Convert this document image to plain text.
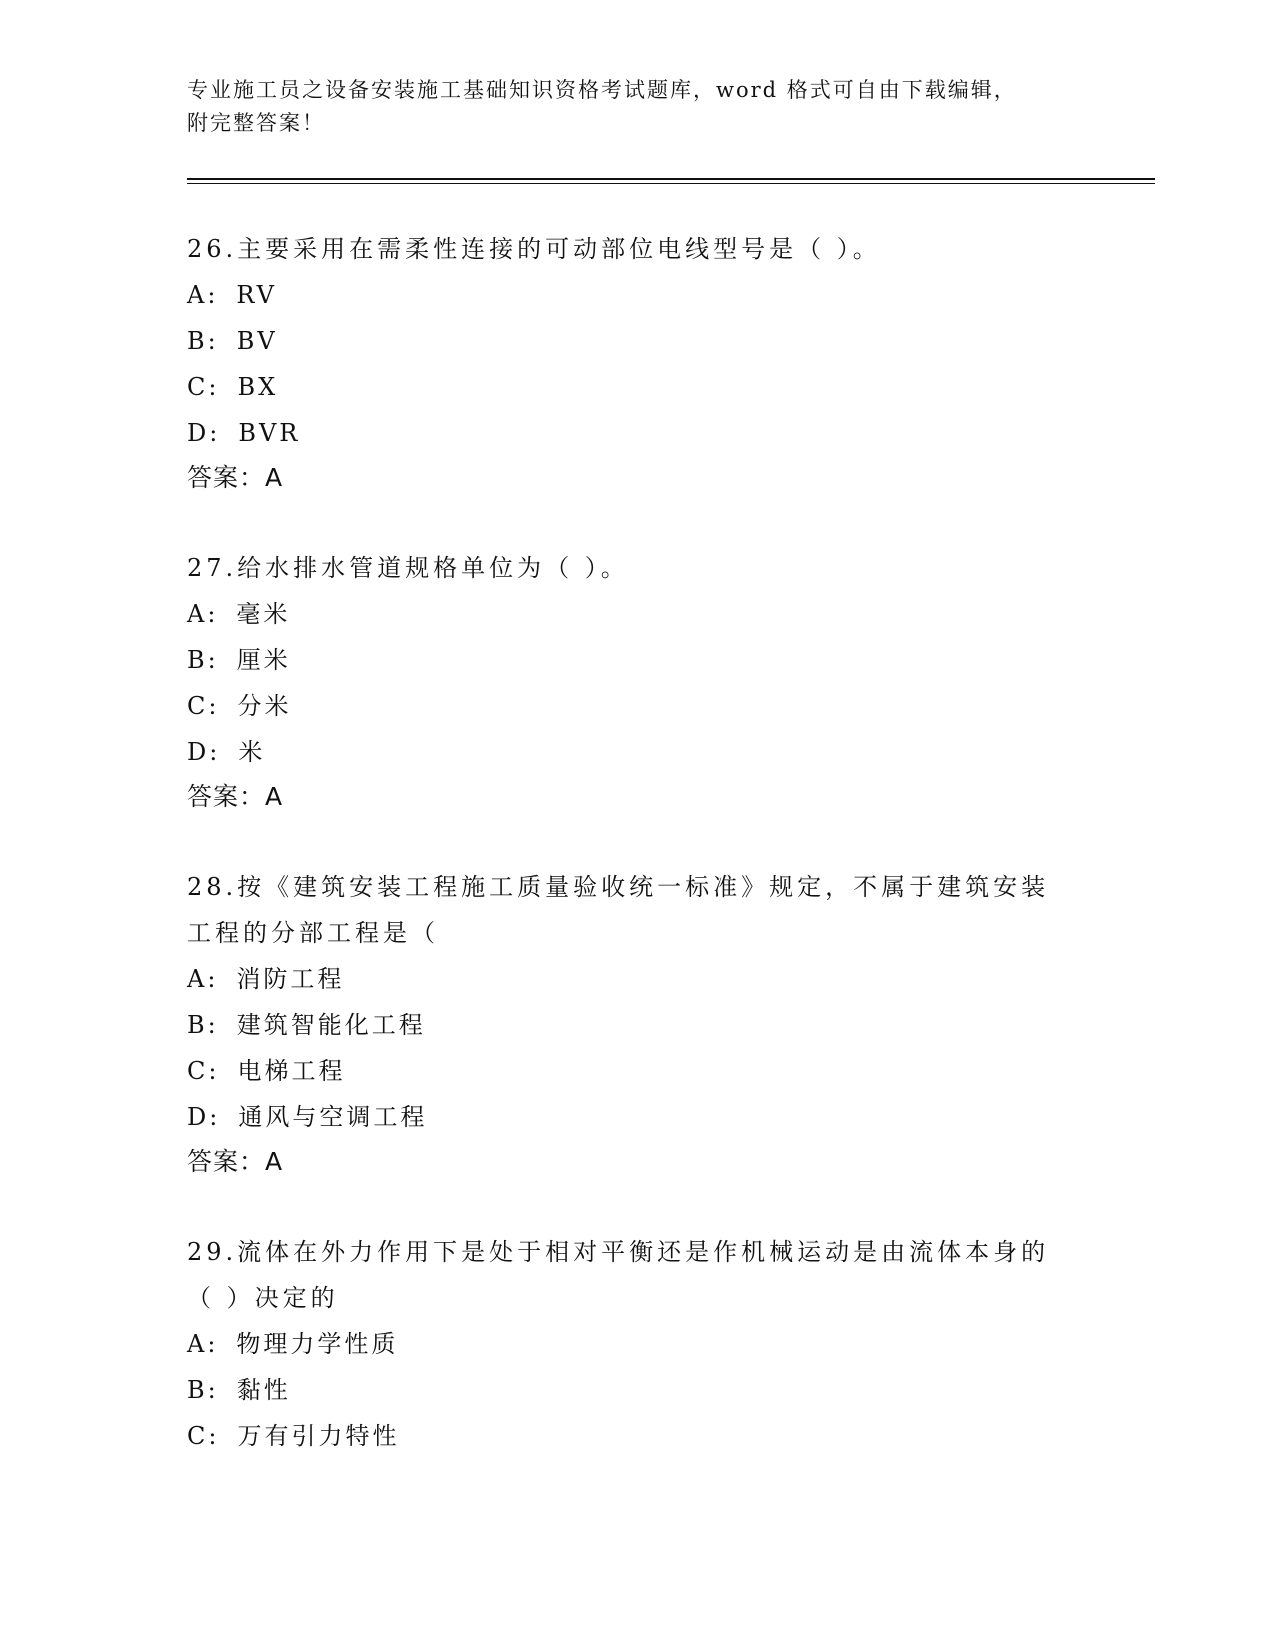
专业施工员之设备安装施工基础知识资格考试题库，word 格式可自由下载编辑，
附完整答案！
26.主要采用在需柔性连接的可动部位电线型号是（ ）。
A: RV
B: BV
C: BX
D: BVR
答案：A
27.给水排水管道规格单位为（ ）。
A: 毫米
B: 厘米
C: 分米
D: 米
答案：A
28.按《建筑安装工程施工质量验收统一标准》规定，不属于建筑安装
工程的分部工程是（
A: 消防工程
B: 建筑智能化工程
C: 电梯工程
D: 通风与空调工程
答案：A
29.流体在外力作用下是处于相对平衡还是作机械运动是由流体本身的
（ ）决定的
A: 物理力学性质
B: 黏性
C: 万有引力特性
